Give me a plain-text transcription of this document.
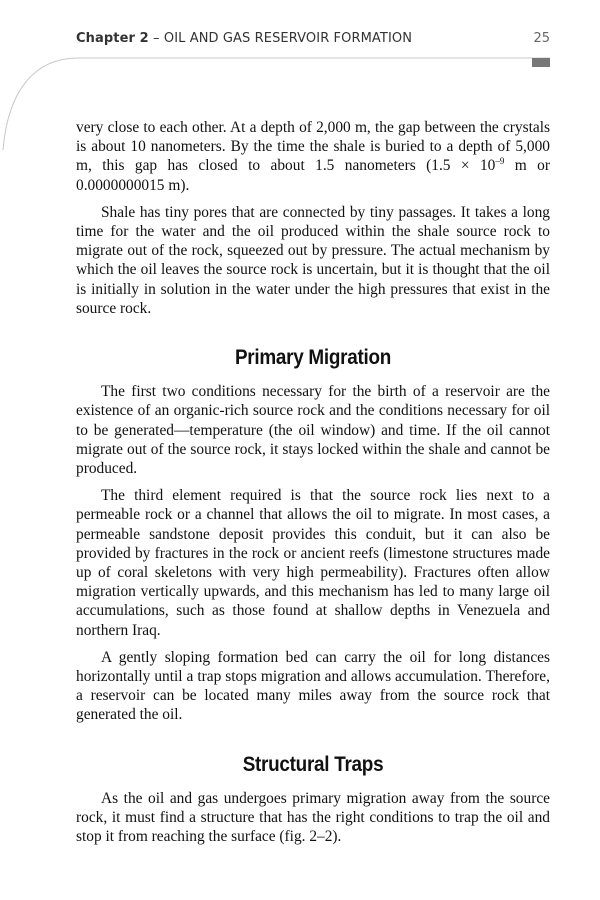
Chapter 2 – OIL AND GAS RESERVOIR FORMATION	25

very close to each other. At a depth of 2,000 m, the gap between the crystals is about 10 nanometers. By the time the shale is buried to a depth of 5,000 m, this gap has closed to about 1.5 nanometers ($1.5 \times 10^{-9}$ m or 0.0000000015 m).

Shale has tiny pores that are connected by tiny passages. It takes a long time for the water and the oil produced within the shale source rock to migrate out of the rock, squeezed out by pressure. The actual mechanism by which the oil leaves the source rock is uncertain, but it is thought that the oil is initially in solution in the water under the high pressures that exist in the source rock.

Primary Migration

The first two conditions necessary for the birth of a reservoir are the existence of an organic-rich source rock and the conditions necessary for oil to be generated—temperature (the oil window) and time. If the oil cannot migrate out of the source rock, it stays locked within the shale and cannot be produced.

The third element required is that the source rock lies next to a permeable rock or a channel that allows the oil to migrate. In most cases, a permeable sandstone deposit provides this conduit, but it can also be provided by fractures in the rock or ancient reefs (limestone structures made up of coral skeletons with very high permeability). Fractures often allow migration vertically upwards, and this mechanism has led to many large oil accumulations, such as those found at shallow depths in Venezuela and northern Iraq.

A gently sloping formation bed can carry the oil for long distances horizontally until a trap stops migration and allows accumulation. Therefore, a reservoir can be located many miles away from the source rock that generated the oil.

Structural Traps

As the oil and gas undergoes primary migration away from the source rock, it must find a structure that has the right conditions to trap the oil and stop it from reaching the surface (fig. 2–2).
